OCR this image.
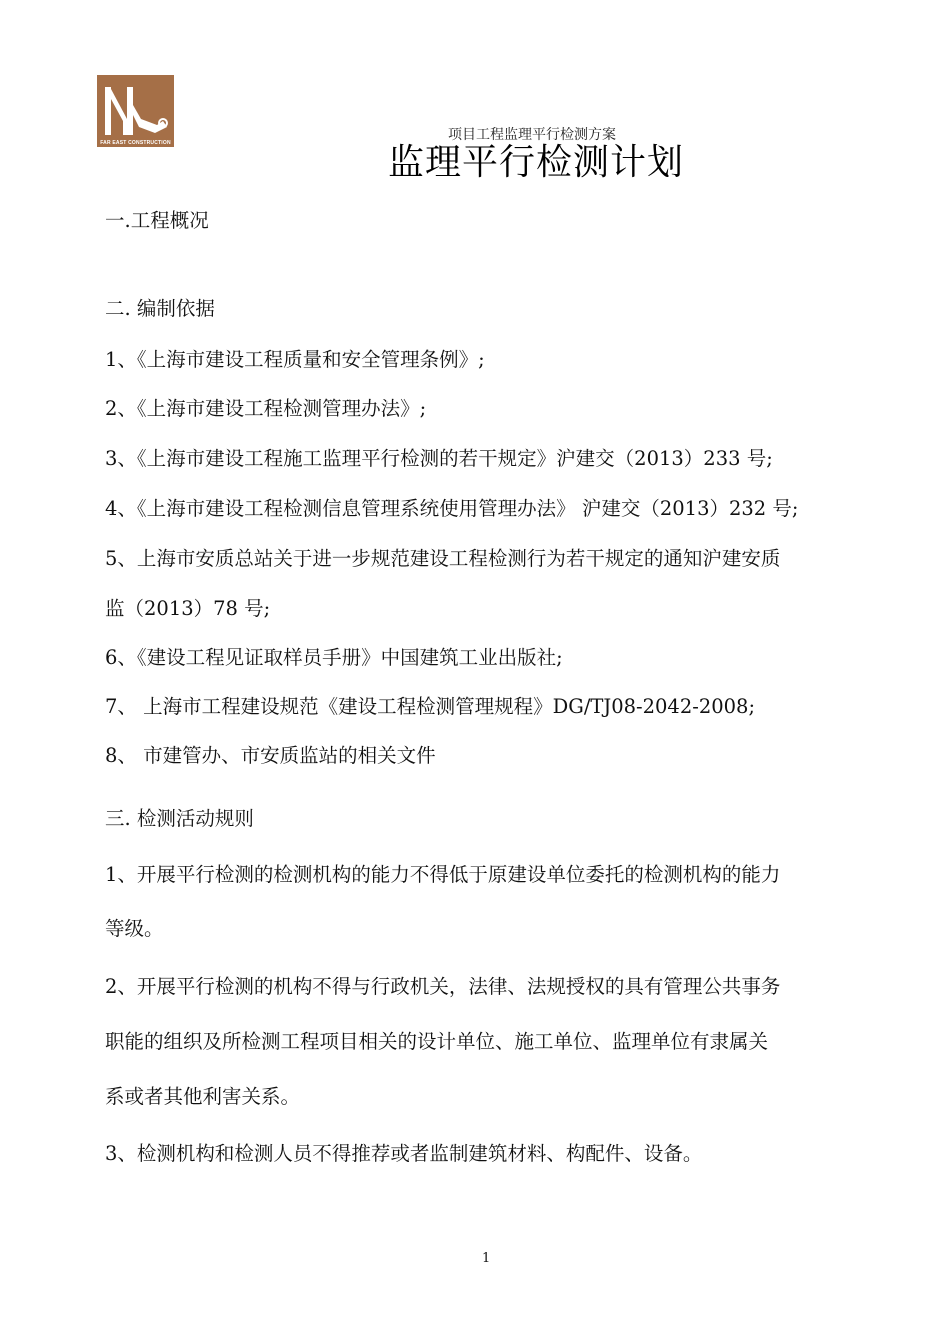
FAR EAST CONSTRUCTION	项目工程监理平行检测方案
监理平行检测计划
一.工程概况
二. 编制依据
1、《上海市建设工程质量和安全管理条例》;
2、《上海市建设工程检测管理办法》;
3、《上海市建设工程施工监理平行检测的若干规定》沪建交（2013）233 号;
4、《上海市建设工程检测信息管理系统使用管理办法》 沪建交（2013）232 号;
5、上海市安质总站关于进一步规范建设工程检测行为若干规定的通知沪建安质
监（2013）78 号;
6、《建设工程见证取样员手册》中国建筑工业出版社;
7、 上海市工程建设规范《建设工程检测管理规程》DG/TJ08-2042-2008;
8、 市建管办、市安质监站的相关文件
三. 检测活动规则
1、开展平行检测的检测机构的能力不得低于原建设单位委托的检测机构的能力
等级。
2、开展平行检测的机构不得与行政机关，法律、法规授权的具有管理公共事务
职能的组织及所检测工程项目相关的设计单位、施工单位、监理单位有隶属关
系或者其他利害关系。
3、检测机构和检测人员不得推荐或者监制建筑材料、构配件、设备。
1
